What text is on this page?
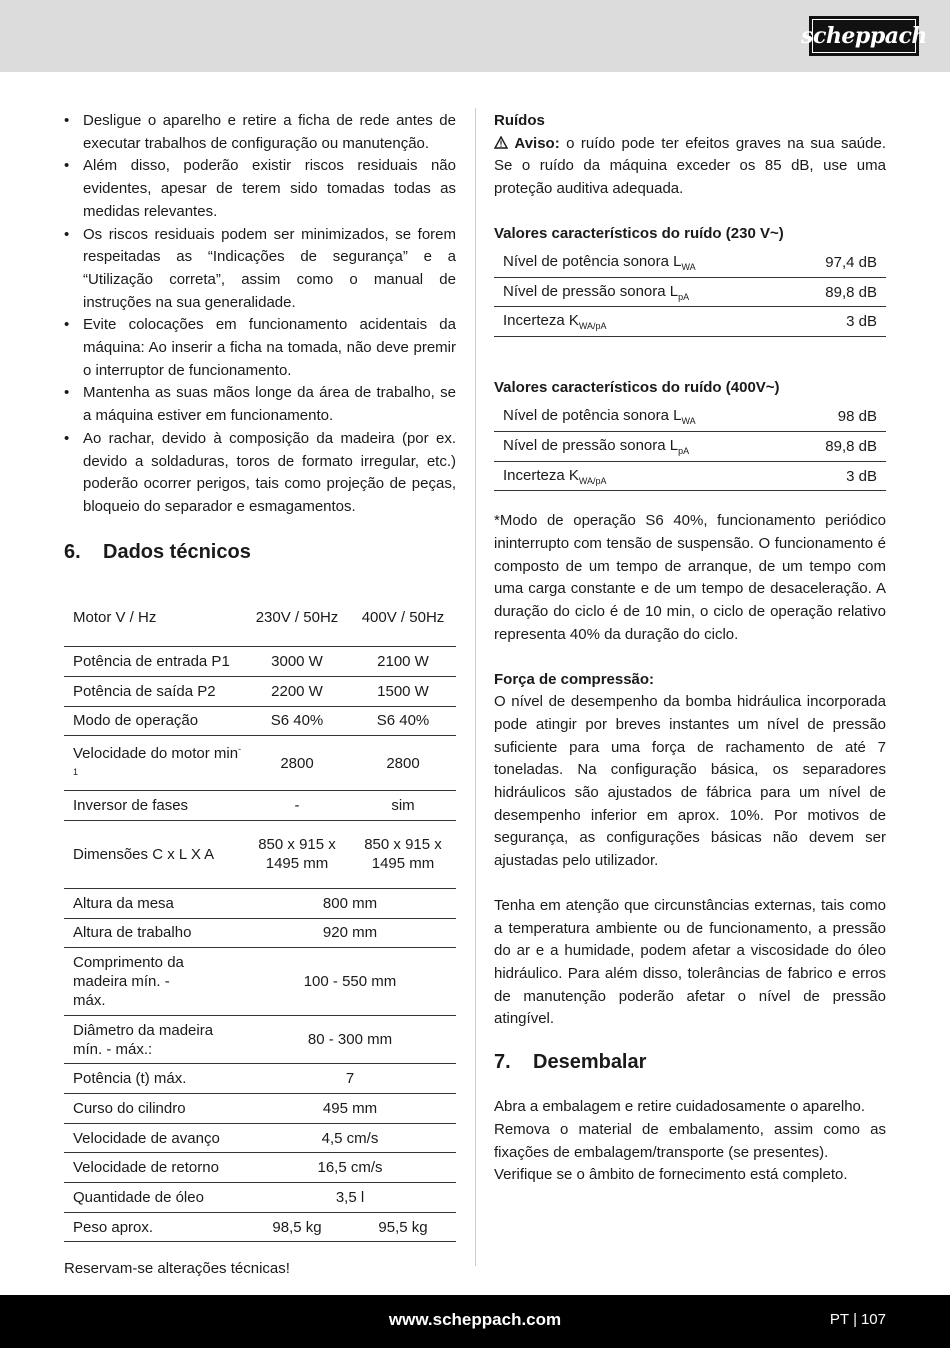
scheppach
• Desligue o aparelho e retire a ficha de rede antes de executar trabalhos de configuração ou manutenção.
• Além disso, poderão existir riscos residuais não evidentes, apesar de terem sido tomadas todas as medidas relevantes.
• Os riscos residuais podem ser minimizados, se forem respeitadas as “Indicações de segurança” e a “Utilização correta”, assim como o manual de instruções na sua generalidade.
• Evite colocações em funcionamento acidentais da máquina: Ao inserir a ficha na tomada, não deve premir o interruptor de funcionamento.
• Mantenha as suas mãos longe da área de trabalho, se a máquina estiver em funcionamento.
• Ao rachar, devido à composição da madeira (por ex. devido a soldaduras, toros de formato irregular, etc.) poderão ocorrer perigos, tais como projeção de peças, bloqueio do separador e esmagamentos.
6.	Dados técnicos
Motor V / Hz	230V / 50Hz	400V / 50Hz
Potência de entrada P1	3000 W	2100 W
Potência de saída P2	2200 W	1500 W
Modo de operação	S6 40%	S6 40%
Velocidade do motor $\min^{-1}$	2800	2800
Inversor de fases	-	sim
Dimensões C x L X A	850 x 915 x 1495 mm	850 x 915 x 1495 mm
Altura da mesa	800 mm	
Altura de trabalho	920 mm	
Comprimento da madeira mín. - máx.	100 - 550 mm	
Diâmetro da madeira mín. - máx.:	80 - 300 mm	
Potência (t) máx.	7	
Curso do cilindro	495 mm	
Velocidade de avanço	4,5 cm/s	
Velocidade de retorno	16,5 cm/s	
Quantidade de óleo	3,5 l	
Peso aprox.	98,5 kg	95,5 kg

Reservam-se alterações técnicas!

Ruídos

Aviso: o ruído pode ter efeitos graves na sua saúde. Se o ruído da máquina exceder os 85 dB, use uma proteção auditiva adequada.

Valores característicos do ruído (230 V~)
Nível de potência sonora $L_{WA}$	97,4 dB
Nível de pressão sonora $L_{pA}$	89,8 dB
Incerteza $K_{WA/pA}$	3 dB
Valores característicos do ruído (400V~)
Nível de potência sonora $L_{WA}$	98 dB
Nível de pressão sonora $L_{pA}$	89,8 dB
Incerteza $K_{WA/pA}$	3 dB

*Modo de operação S6 40%, funcionamento periódico ininterrupto com tensão de suspensão. O funcionamento é composto de um tempo de arranque, de um tempo com uma carga constante e de um tempo de desaceleração. A duração do ciclo é de 10 min, o ciclo de operação relativo representa 40% da duração do ciclo.

Força de compressão:

O nível de desempenho da bomba hidráulica incorporada pode atingir por breves instantes um nível de pressão suficiente para uma força de rachamento de até 7 toneladas. Na configuração básica, os separadores hidráulicos são ajustados de fábrica para um nível de desempenho inferior em aprox. 10%. Por motivos de segurança, as configurações básicas não devem ser ajustadas pelo utilizador.

Tenha em atenção que circunstâncias externas, tais como a temperatura ambiente ou de funcionamento, a pressão do ar e a humidade, podem afetar a viscosidade do óleo hidráulico. Para além disso, tolerâncias de fabrico e erros de manutenção poderão afetar o nível de pressão atingível.

7.	Desembalar

Abra a embalagem e retire cuidadosamente o aparelho.

Remova o material de embalamento, assim como as fixações de embalagem/transporte (se presentes).

Verifique se o âmbito de fornecimento está completo.

www.scheppach.com	PT | 107
